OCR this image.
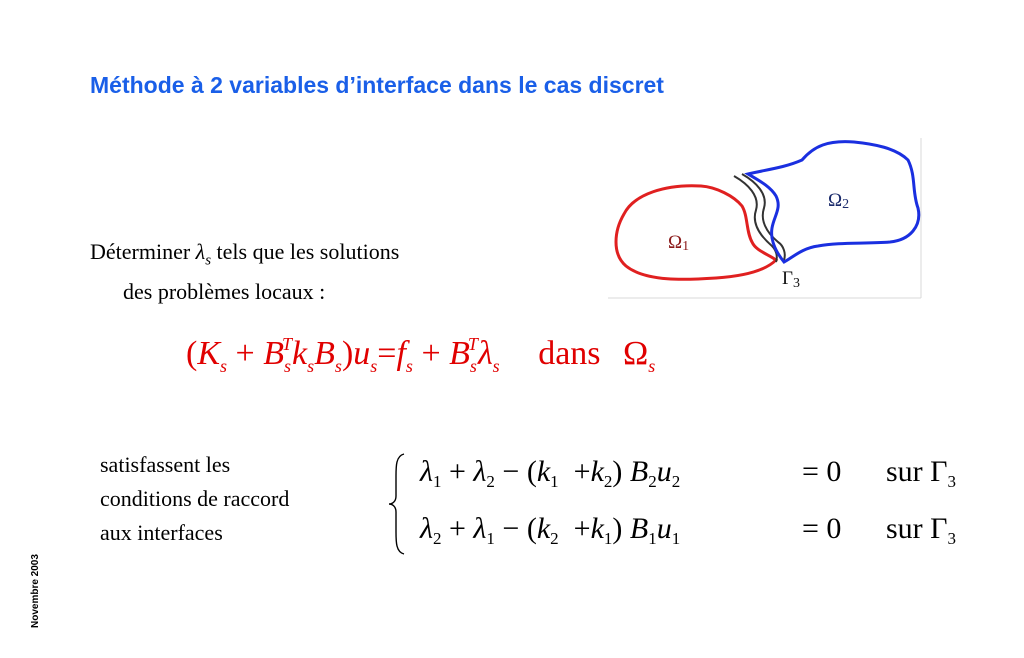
Méthode à 2 variables d’interface dans le cas discret
Novembre 2003
Déterminer $\lambda_s$ tels que les solutions
des problèmes locaux :
Ω1
Ω2
Γ3
$(K_s + B_s^Tk_sB_s)u_s=f_s + B_s^T\lambda_s$ dans $\Omega_s$
satisfassent les
conditions de raccord
aux interfaces
$\lambda_1 + \lambda_2 - (k_1 +k_2)$ $B_2u_2$	= 0 sur $\Gamma_3$
$\lambda_2 + \lambda_1 - (k_2 +k_1)$ $B_1u_1$	= 0 sur $\Gamma_3$
